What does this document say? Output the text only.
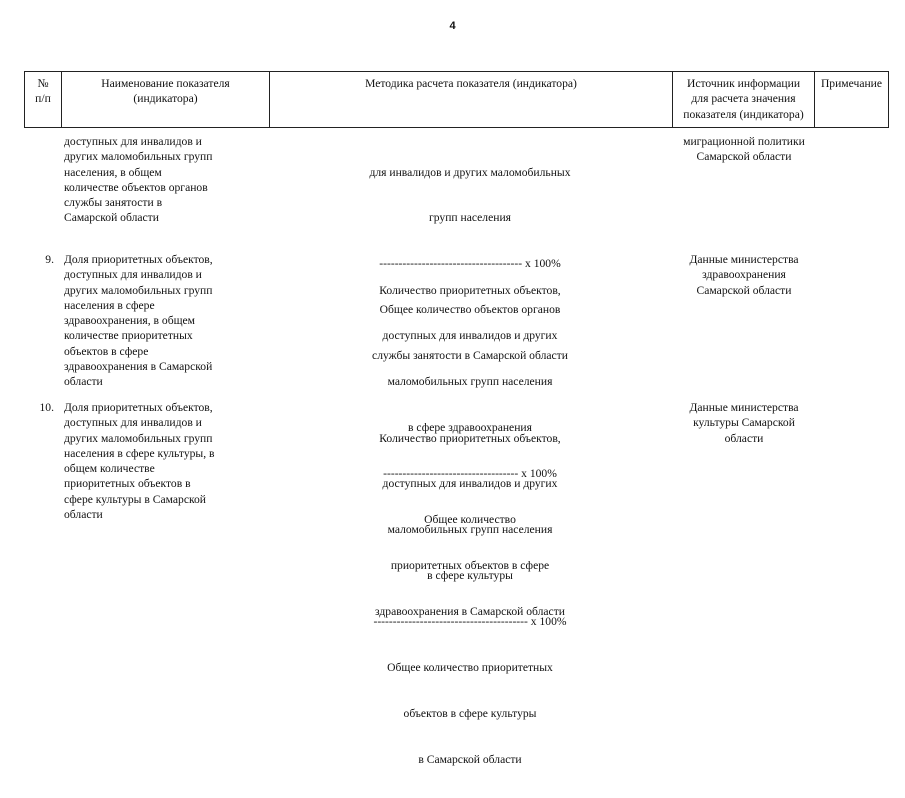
4
№
п/п
Наименование показателя
(индикатора)
Методика расчета показателя (индикатора)	Источник информации
для расчета значения
показателя (индикатора)
Примечание
доступных для инвалидов и
других маломобильных групп
населения, в общем
количестве объектов органов
службы занятости в
Самарской области

для инвалидов и других маломобильных

групп населения

------------------------------------- х 100%

Общее количество объектов органов

службы занятости в Самарской области

миграционной политики
Самарской области
9. Доля приоритетных объектов,
доступных для инвалидов и
других маломобильных групп
населения в сфере
здравоохранения, в общем
количестве приоритетных
объектов в сфере
здравоохранения в Самарской
области

Количество приоритетных объектов,

доступных для инвалидов и других

маломобильных групп населения

в сфере здравоохранения

----------------------------------- х 100%

Общее количество

приоритетных объектов в сфере

здравоохранения в Самарской области

Данные министерства
здравоохранения
Самарской области
10. Доля приоритетных объектов,
доступных для инвалидов и
других маломобильных групп
населения в сфере культуры, в
общем количестве
приоритетных объектов в
сфере культуры в Самарской
области

Количество приоритетных объектов,

доступных для инвалидов и других

маломобильных групп населения

в сфере культуры

---------------------------------------- х 100%

Общее количество приоритетных

объектов в сфере культуры

в Самарской области

Данные министерства
культуры Самарской
области
